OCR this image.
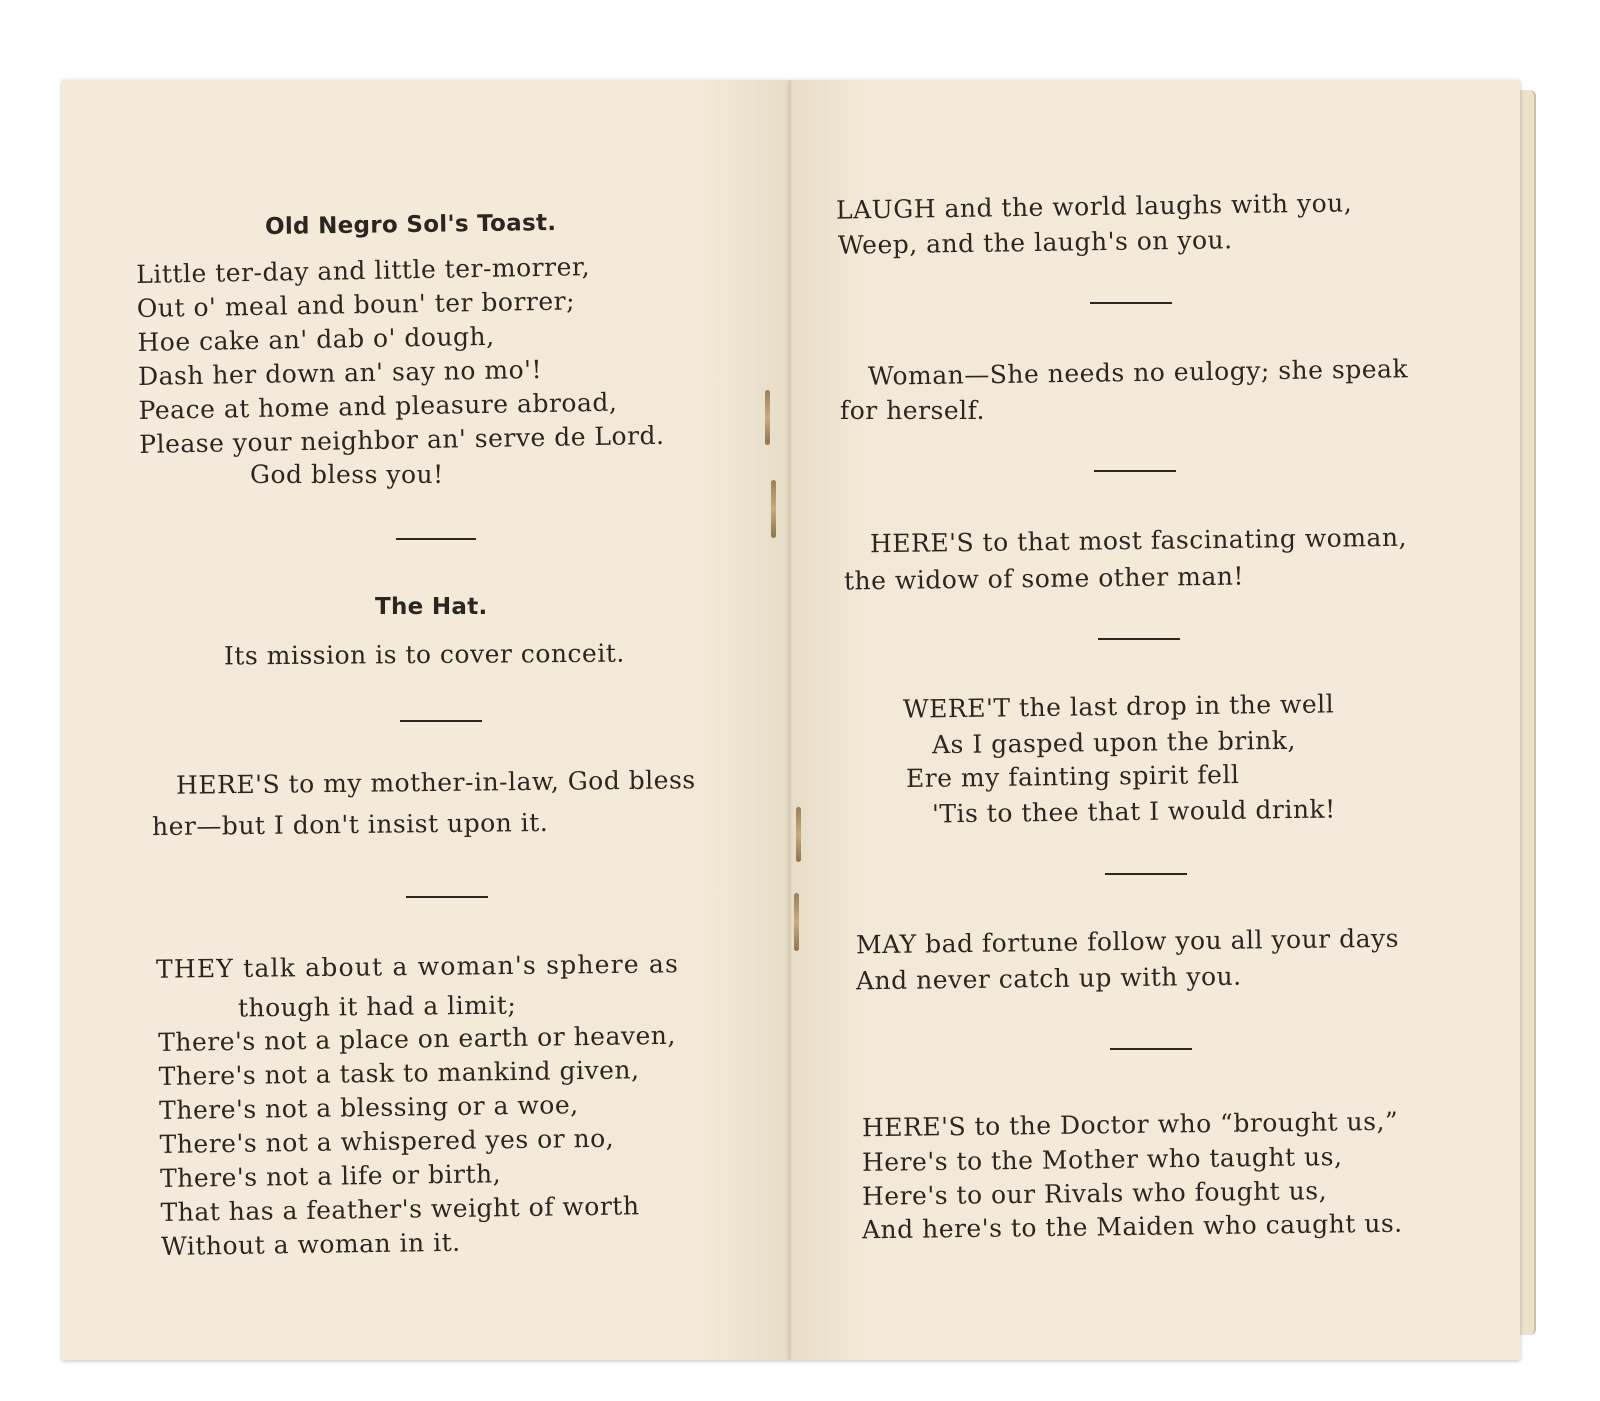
Old Negro Sol's Toast.
Little ter-day and little ter-morrer,
Out o' meal and boun' ter borrer;
Hoe cake an' dab o' dough,
Dash her down an' say no mo'!
Peace at home and pleasure abroad,
Please your neighbor an' serve de Lord.
God bless you!
The Hat.
Its mission is to cover conceit.
HERE'S to my mother-in-law, God bless
her—but I don't insist upon it.
THEY talk about a woman's sphere as
though it had a limit;
There's not a place on earth or heaven,
There's not a task to mankind given,
There's not a blessing or a woe,
There's not a whispered yes or no,
There's not a life or birth,
That has a feather's weight of worth
Without a woman in it.
LAUGH and the world laughs with you,
Weep, and the laugh's on you.
Woman—She needs no eulogy; she speak
for herself.
HERE'S to that most fascinating woman,
the widow of some other man!
WERE'T the last drop in the well
As I gasped upon the brink,
Ere my fainting spirit fell
'Tis to thee that I would drink!
MAY bad fortune follow you all your days
And never catch up with you.
HERE'S to the Doctor who “brought us,”
Here's to the Mother who taught us,
Here's to our Rivals who fought us,
And here's to the Maiden who caught us.
